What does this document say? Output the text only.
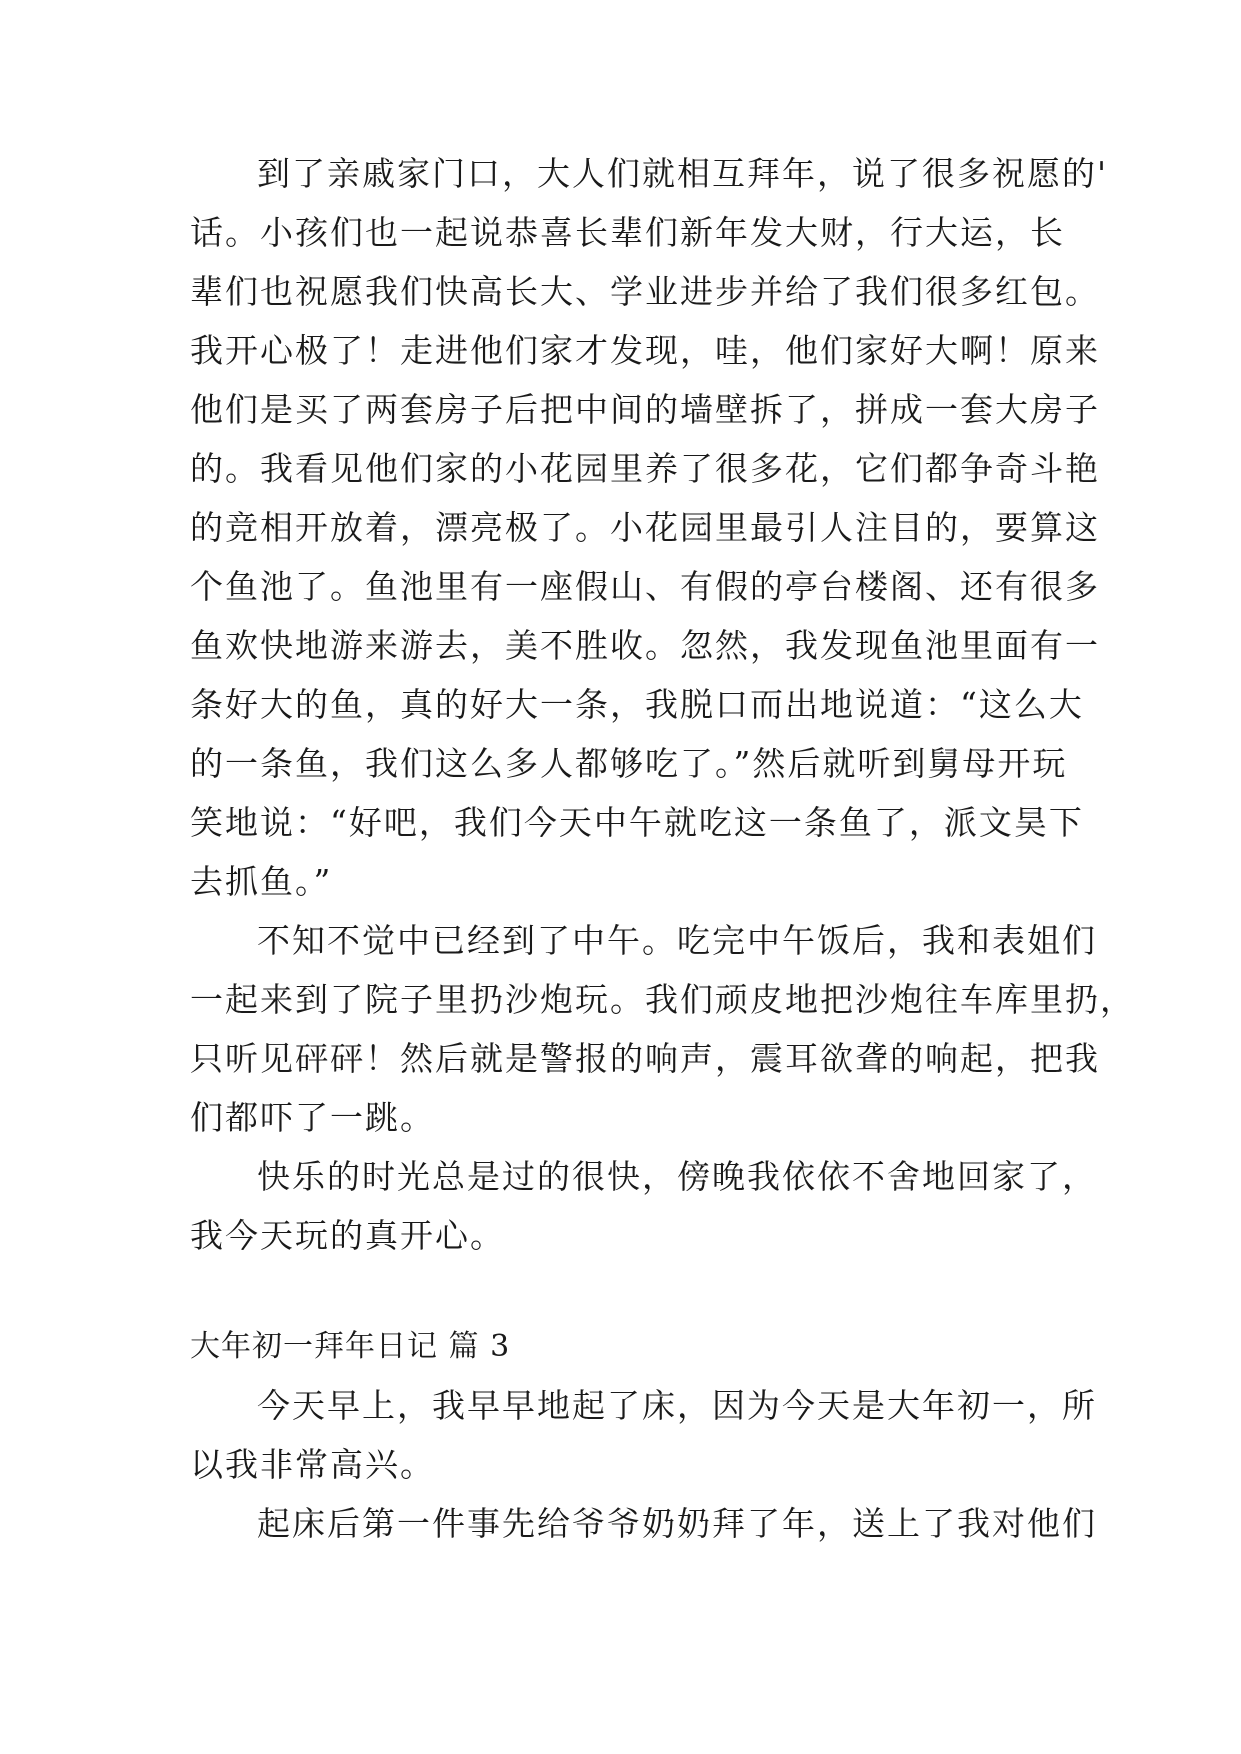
到了亲戚家门口，大人们就相互拜年，说了很多祝愿的'
话。小孩们也一起说恭喜长辈们新年发大财，行大运，长
辈们也祝愿我们快高长大、学业进步并给了我们很多红包。
我开心极了！走进他们家才发现，哇，他们家好大啊！原来
他们是买了两套房子后把中间的墙壁拆了，拼成一套大房子
的。我看见他们家的小花园里养了很多花，它们都争奇斗艳
的竞相开放着，漂亮极了。小花园里最引人注目的，要算这
个鱼池了。鱼池里有一座假山、有假的亭台楼阁、还有很多
鱼欢快地游来游去，美不胜收。忽然，我发现鱼池里面有一
条好大的鱼，真的好大一条，我脱口而出地说道：“这么大
的一条鱼，我们这么多人都够吃了。”然后就听到舅母开玩
笑地说：“好吧，我们今天中午就吃这一条鱼了，派文昊下
去抓鱼。”
不知不觉中已经到了中午。吃完中午饭后，我和表姐们
一起来到了院子里扔沙炮玩。我们顽皮地把沙炮往车库里扔，
只听见砰砰！然后就是警报的响声，震耳欲聋的响起，把我
们都吓了一跳。
快乐的时光总是过的很快，傍晚我依依不舍地回家了，
我今天玩的真开心。
大年初一拜年日记 篇 3
今天早上，我早早地起了床，因为今天是大年初一，所
以我非常高兴。
起床后第一件事先给爷爷奶奶拜了年，送上了我对他们
